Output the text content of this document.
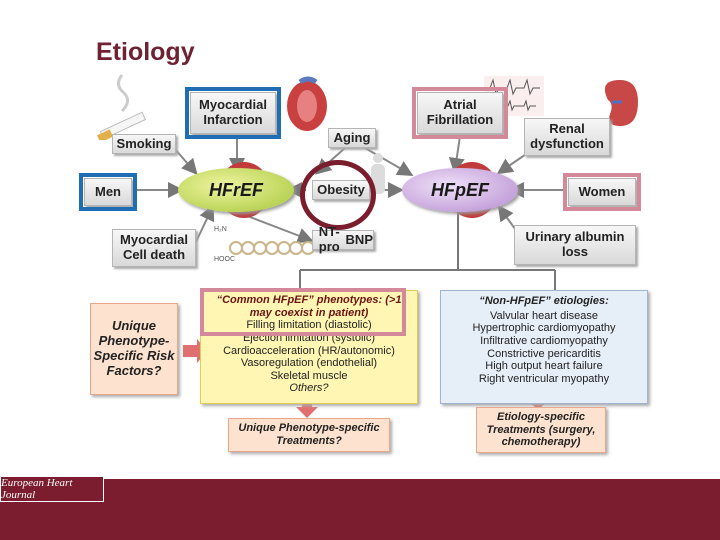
Etiology
H₂N
HOOC
Myocardial Infarction
Smoking	Aging
Atrial Fibrillation
Renal dysfunction
Men	HFrEF	Obesity	HFpEF	Women
Myocardial Cell death
NT-pro BNP	Urinary albumin loss
Unique Phenotype-Specific Risk Factors?
“Common HFpEF” phenotypes: (>1 may coexist in patient)
Filling limitation (diastolic)
Ejection limitation (systolic)
Cardioacceleration (HR/autonomic)
Vasoregulation (endothelial)
Skeletal muscle
Others?
“Non-HFpEF” etiologies:
Valvular heart disease
Hypertrophic cardiomyopathy
Infiltrative cardiomyopathy
Constrictive pericarditis
High output heart failure
Right ventricular myopathy
Unique Phenotype-specific Treatments?
Etiology-specific Treatments (surgery, chemotherapy)
European Heart Journal
